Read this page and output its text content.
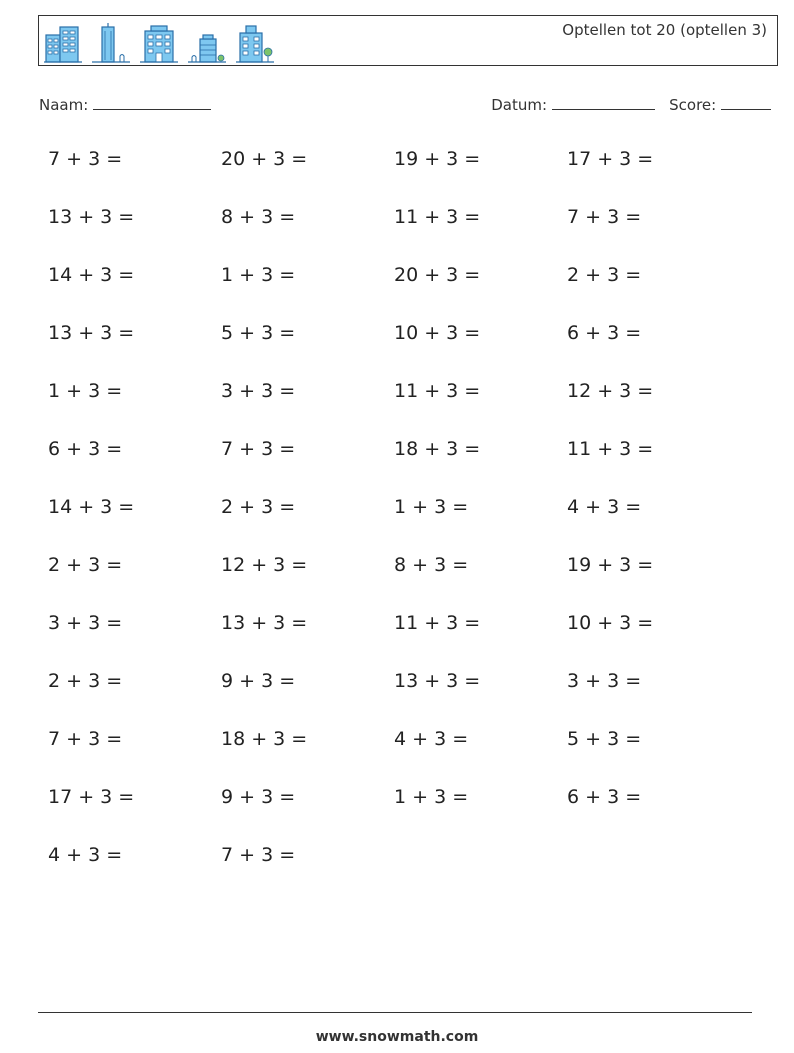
Optellen tot 20 (optellen 3)
Naam:	Datum:	Score:
7 + 3 =	20 + 3 =	19 + 3 =	17 + 3 =
13 + 3 =	8 + 3 =	11 + 3 =	7 + 3 =
14 + 3 =	1 + 3 =	20 + 3 =	2 + 3 =
13 + 3 =	5 + 3 =	10 + 3 =	6 + 3 =
1 + 3 =	3 + 3 =	11 + 3 =	12 + 3 =
6 + 3 =	7 + 3 =	18 + 3 =	11 + 3 =
14 + 3 =	2 + 3 =	1 + 3 =	4 + 3 =
2 + 3 =	12 + 3 =	8 + 3 =	19 + 3 =
3 + 3 =	13 + 3 =	11 + 3 =	10 + 3 =
2 + 3 =	9 + 3 =	13 + 3 =	3 + 3 =
7 + 3 =	18 + 3 =	4 + 3 =	5 + 3 =
17 + 3 =	9 + 3 =	1 + 3 =	6 + 3 =
4 + 3 =	7 + 3 =
www.snowmath.com
